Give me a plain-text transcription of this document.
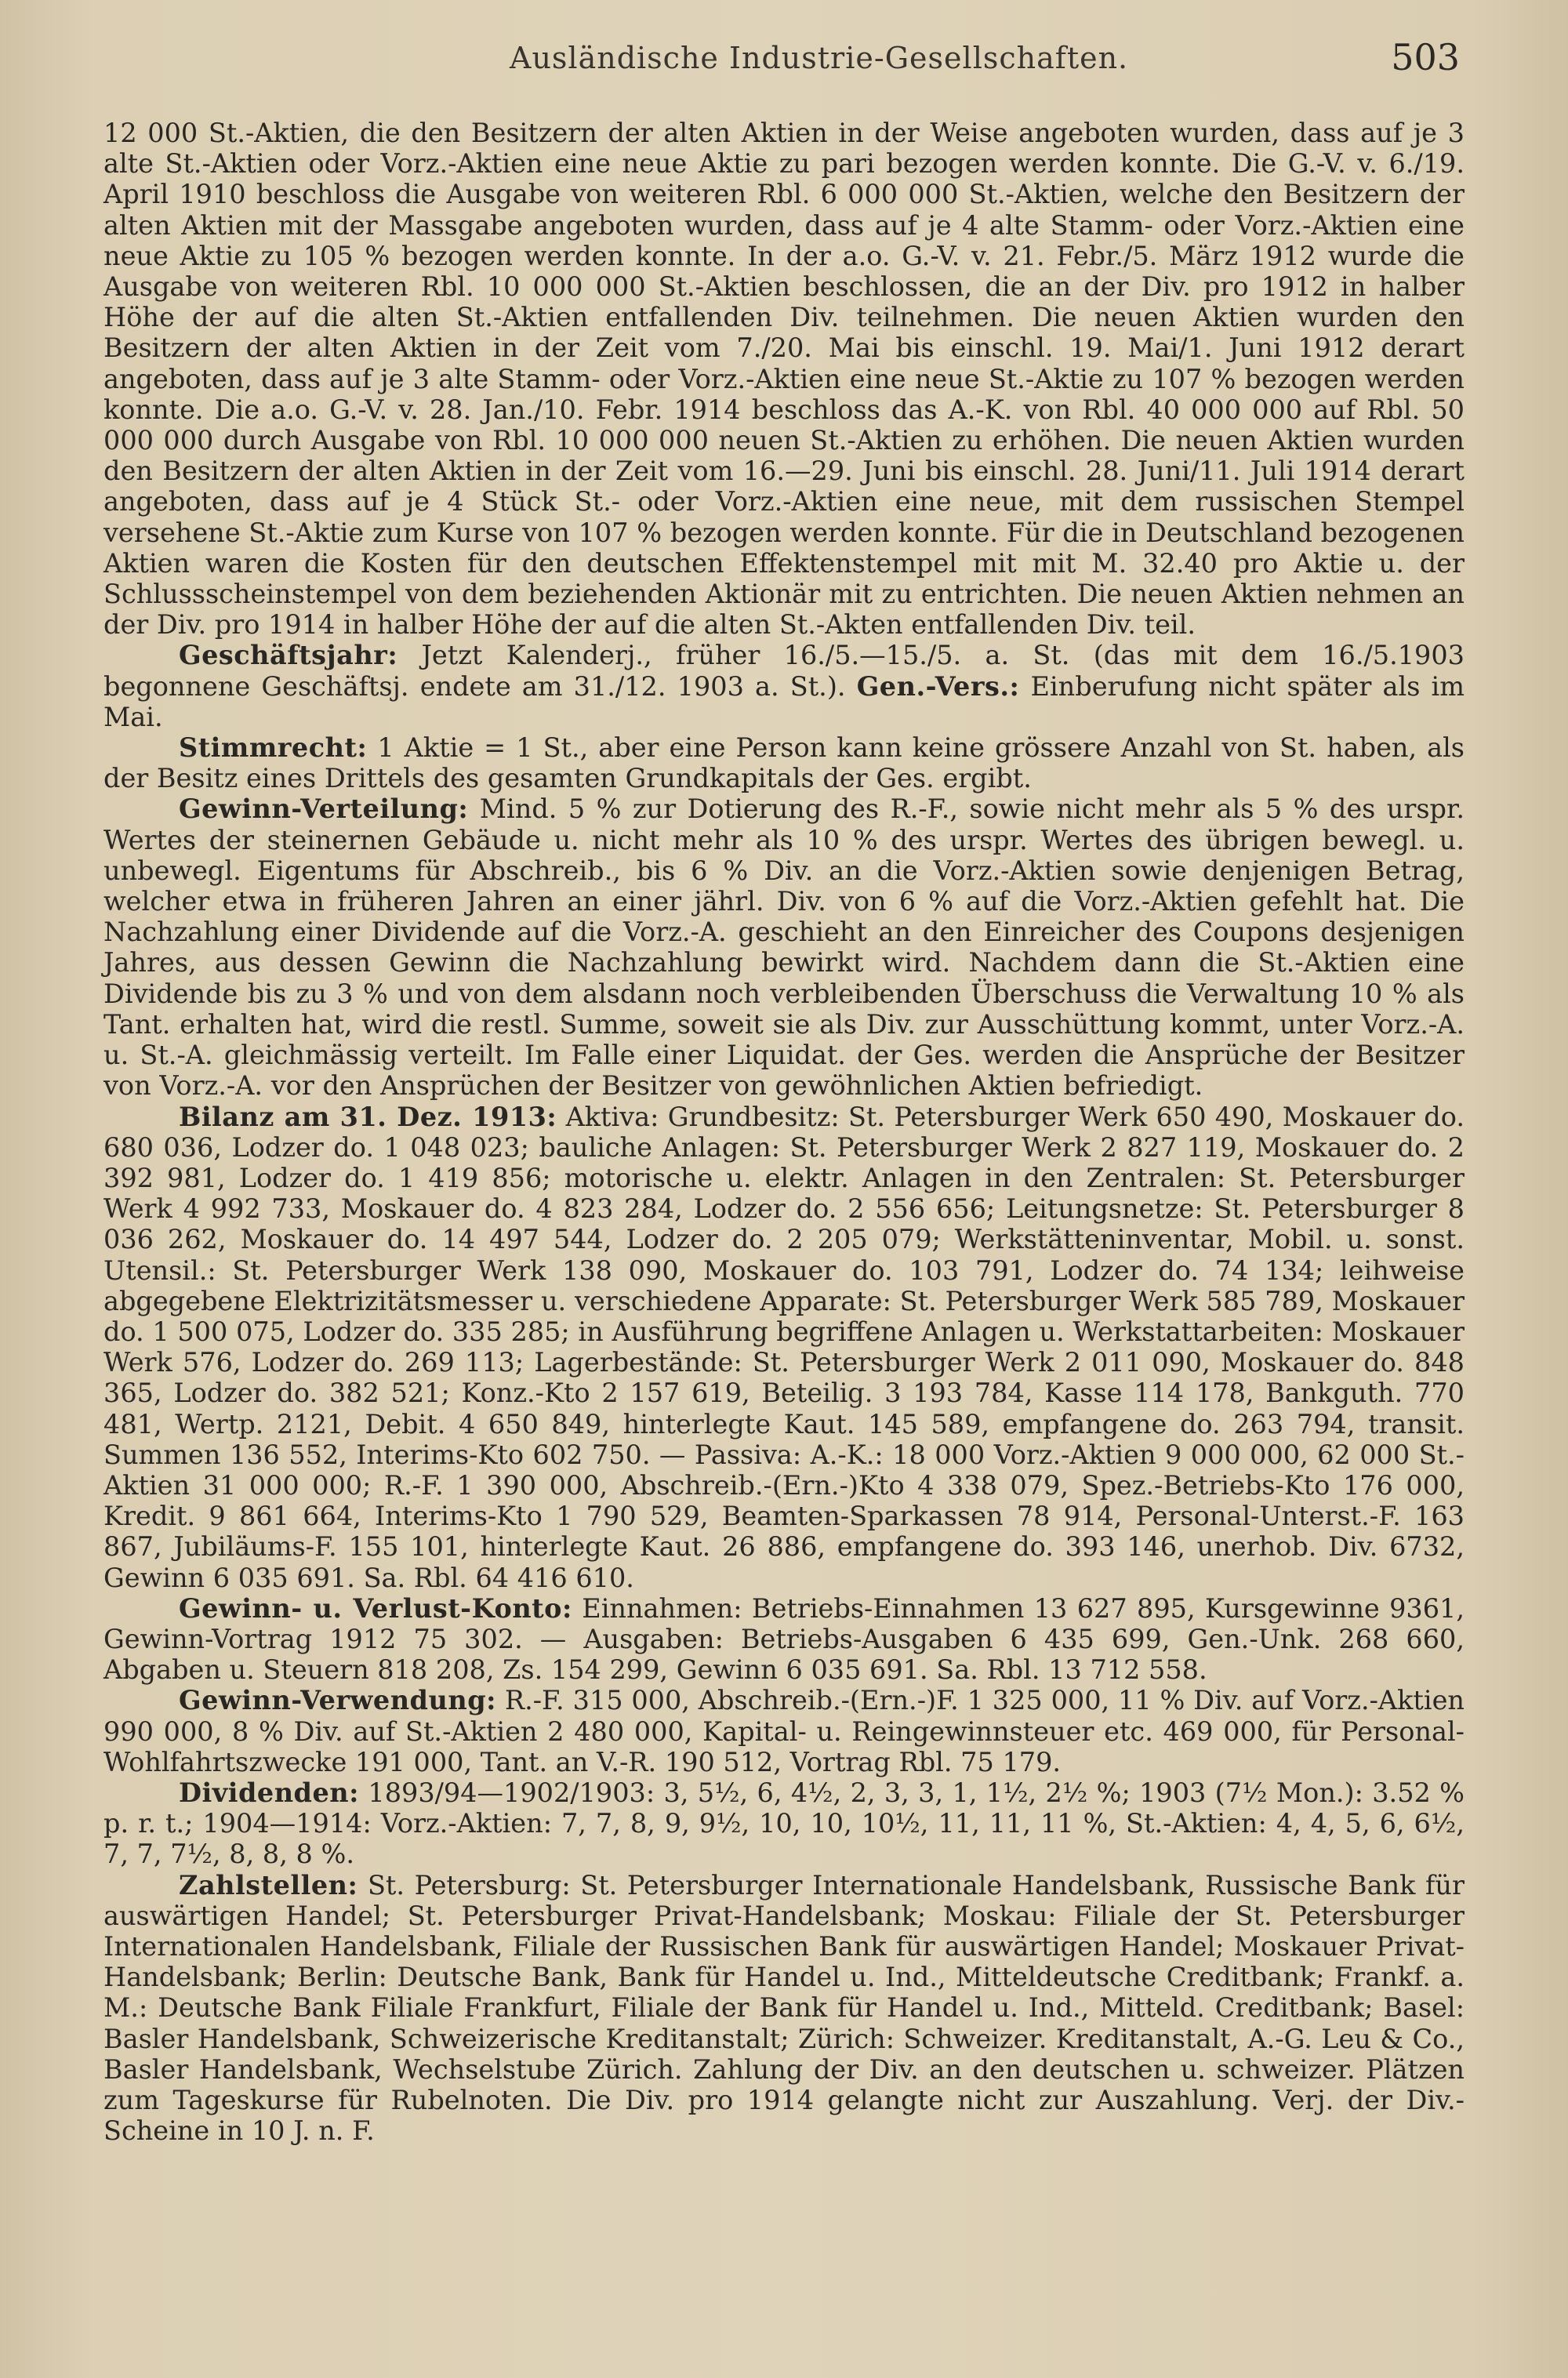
Ausländische Industrie-Gesellschaften.	503

12 000 St.-Aktien, die den Besitzern der alten Aktien in der Weise angeboten wurden, dass auf je 3 alte St.-Aktien oder Vorz.-Aktien eine neue Aktie zu pari bezogen werden konnte. Die G.-V. v. 6./19. April 1910 beschloss die Ausgabe von weiteren Rbl. 6 000 000 St.-Aktien, welche den Besitzern der alten Aktien mit der Massgabe angeboten wurden, dass auf je 4 alte Stamm- oder Vorz.-Aktien eine neue Aktie zu 105 % bezogen werden konnte. In der a.o. G.-V. v. 21. Febr./5. März 1912 wurde die Ausgabe von weiteren Rbl. 10 000 000 St.-Aktien beschlossen, die an der Div. pro 1912 in halber Höhe der auf die alten St.-Aktien entfallenden Div. teilnehmen. Die neuen Aktien wurden den Besitzern der alten Aktien in der Zeit vom 7./20. Mai bis einschl. 19. Mai/1. Juni 1912 derart angeboten, dass auf je 3 alte Stamm- oder Vorz.-Aktien eine neue St.-Aktie zu 107 % bezogen werden konnte. Die a.o. G.-V. v. 28. Jan./10. Febr. 1914 beschloss das A.-K. von Rbl. 40 000 000 auf Rbl. 50 000 000 durch Ausgabe von Rbl. 10 000 000 neuen St.-Aktien zu erhöhen. Die neuen Aktien wurden den Besitzern der alten Aktien in der Zeit vom 16.—29. Juni bis einschl. 28. Juni/11. Juli 1914 derart angeboten, dass auf je 4 Stück St.- oder Vorz.-Aktien eine neue, mit dem russischen Stempel versehene St.-Aktie zum Kurse von 107 % bezogen werden konnte. Für die in Deutschland bezogenen Aktien waren die Kosten für den deutschen Effektenstempel mit mit M. 32.40 pro Aktie u. der Schlussscheinstempel von dem beziehenden Aktionär mit zu entrichten. Die neuen Aktien nehmen an der Div. pro 1914 in halber Höhe der auf die alten St.-Akten entfallenden Div. teil.

Geschäftsjahr: Jetzt Kalenderj., früher 16./5.—15./5. a. St. (das mit dem 16./5.1903 begonnene Geschäftsj. endete am 31./12. 1903 a. St.). Gen.-Vers.: Einberufung nicht später als im Mai.

Stimmrecht: 1 Aktie = 1 St., aber eine Person kann keine grössere Anzahl von St. haben, als der Besitz eines Drittels des gesamten Grundkapitals der Ges. ergibt.

Gewinn-Verteilung: Mind. 5 % zur Dotierung des R.-F., sowie nicht mehr als 5 % des urspr. Wertes der steinernen Gebäude u. nicht mehr als 10 % des urspr. Wertes des übrigen bewegl. u. unbewegl. Eigentums für Abschreib., bis 6 % Div. an die Vorz.-Aktien sowie denjenigen Betrag, welcher etwa in früheren Jahren an einer jährl. Div. von 6 % auf die Vorz.-Aktien gefehlt hat. Die Nachzahlung einer Dividende auf die Vorz.-A. geschieht an den Einreicher des Coupons desjenigen Jahres, aus dessen Gewinn die Nachzahlung bewirkt wird. Nachdem dann die St.-Aktien eine Dividende bis zu 3 % und von dem alsdann noch verbleibenden Überschuss die Verwaltung 10 % als Tant. erhalten hat, wird die restl. Summe, soweit sie als Div. zur Ausschüttung kommt, unter Vorz.-A. u. St.-A. gleichmässig verteilt. Im Falle einer Liquidat. der Ges. werden die Ansprüche der Besitzer von Vorz.-A. vor den Ansprüchen der Besitzer von gewöhnlichen Aktien befriedigt.

Bilanz am 31. Dez. 1913: Aktiva: Grundbesitz: St. Petersburger Werk 650 490, Moskauer do. 680 036, Lodzer do. 1 048 023; bauliche Anlagen: St. Petersburger Werk 2 827 119, Moskauer do. 2 392 981, Lodzer do. 1 419 856; motorische u. elektr. Anlagen in den Zentralen: St. Petersburger Werk 4 992 733, Moskauer do. 4 823 284, Lodzer do. 2 556 656; Leitungsnetze: St. Petersburger 8 036 262, Moskauer do. 14 497 544, Lodzer do. 2 205 079; Werkstätteninventar, Mobil. u. sonst. Utensil.: St. Petersburger Werk 138 090, Moskauer do. 103 791, Lodzer do. 74 134; leihweise abgegebene Elektrizitätsmesser u. verschiedene Apparate: St. Petersburger Werk 585 789, Moskauer do. 1 500 075, Lodzer do. 335 285; in Ausführung begriffene Anlagen u. Werkstattarbeiten: Moskauer Werk 576, Lodzer do. 269 113; Lagerbestände: St. Petersburger Werk 2 011 090, Moskauer do. 848 365, Lodzer do. 382 521; Konz.-Kto 2 157 619, Beteilig. 3 193 784, Kasse 114 178, Bankguth. 770 481, Wertp. 2121, Debit. 4 650 849, hinterlegte Kaut. 145 589, empfangene do. 263 794, transit. Summen 136 552, Interims-Kto 602 750. — Passiva: A.-K.: 18 000 Vorz.-Aktien 9 000 000, 62 000 St.-Aktien 31 000 000; R.-F. 1 390 000, Abschreib.-(Ern.-)Kto 4 338 079, Spez.-Betriebs-Kto 176 000, Kredit. 9 861 664, Interims-Kto 1 790 529, Beamten-Sparkassen 78 914, Personal-Unterst.-F. 163 867, Jubiläums-F. 155 101, hinterlegte Kaut. 26 886, empfangene do. 393 146, unerhob. Div. 6732, Gewinn 6 035 691. Sa. Rbl. 64 416 610.

Gewinn- u. Verlust-Konto: Einnahmen: Betriebs-Einnahmen 13 627 895, Kursgewinne 9361, Gewinn-Vortrag 1912 75 302. — Ausgaben: Betriebs-Ausgaben 6 435 699, Gen.-Unk. 268 660, Abgaben u. Steuern 818 208, Zs. 154 299, Gewinn 6 035 691. Sa. Rbl. 13 712 558.

Gewinn-Verwendung: R.-F. 315 000, Abschreib.-(Ern.-)F. 1 325 000, 11 % Div. auf Vorz.-Aktien 990 000, 8 % Div. auf St.-Aktien 2 480 000, Kapital- u. Reingewinnsteuer etc. 469 000, für Personal-Wohlfahrtszwecke 191 000, Tant. an V.-R. 190 512, Vortrag Rbl. 75 179.

Dividenden: 1893/94—1902/1903: 3, 5½, 6, 4½, 2, 3, 3, 1, 1½, 2½ %; 1903 (7½ Mon.): 3.52 % p. r. t.; 1904—1914: Vorz.-Aktien: 7, 7, 8, 9, 9½, 10, 10, 10½, 11, 11, 11 %, St.-Aktien: 4, 4, 5, 6, 6½, 7, 7, 7½, 8, 8, 8 %.

Zahlstellen: St. Petersburg: St. Petersburger Internationale Handelsbank, Russische Bank für auswärtigen Handel; St. Petersburger Privat-Handelsbank; Moskau: Filiale der St. Petersburger Internationalen Handelsbank, Filiale der Russischen Bank für auswärtigen Handel; Moskauer Privat-Handelsbank; Berlin: Deutsche Bank, Bank für Handel u. Ind., Mitteldeutsche Creditbank; Frankf. a. M.: Deutsche Bank Filiale Frankfurt, Filiale der Bank für Handel u. Ind., Mitteld. Creditbank; Basel: Basler Handelsbank, Schweizerische Kreditanstalt; Zürich: Schweizer. Kreditanstalt, A.-G. Leu & Co., Basler Handelsbank, Wechselstube Zürich. Zahlung der Div. an den deutschen u. schweizer. Plätzen zum Tageskurse für Rubelnoten. Die Div. pro 1914 gelangte nicht zur Auszahlung. Verj. der Div.-Scheine in 10 J. n. F.
